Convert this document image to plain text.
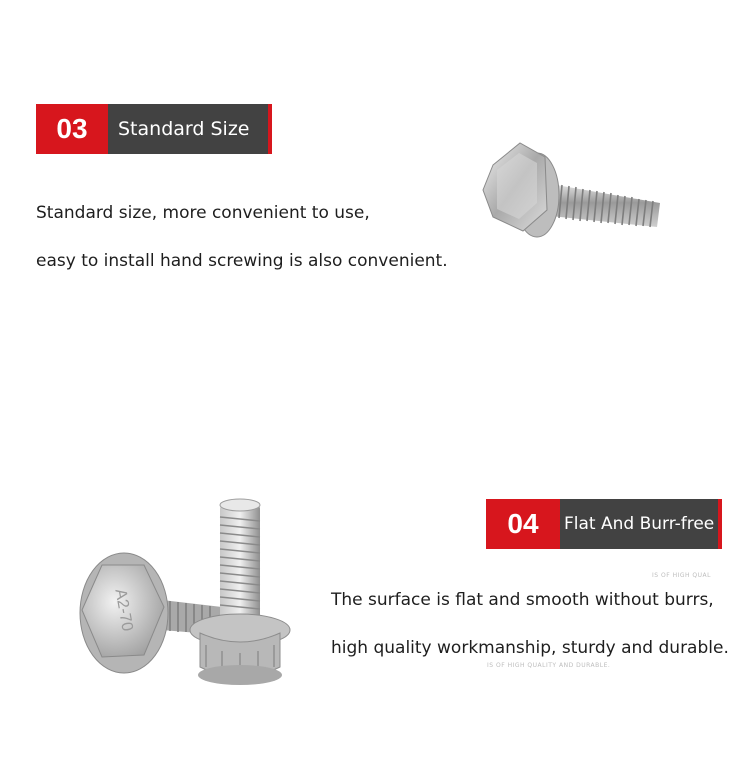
03	Standard Size
Standard size, more convenient to use,
easy to install hand screwing is also convenient.
04	Flat And Burr-free
IS OF HIGH QUAL
The surface is flat and smooth without burrs,
high quality workmanship, sturdy and durable.
IS OF HIGH QUALITY AND DURABLE.
A2-70
